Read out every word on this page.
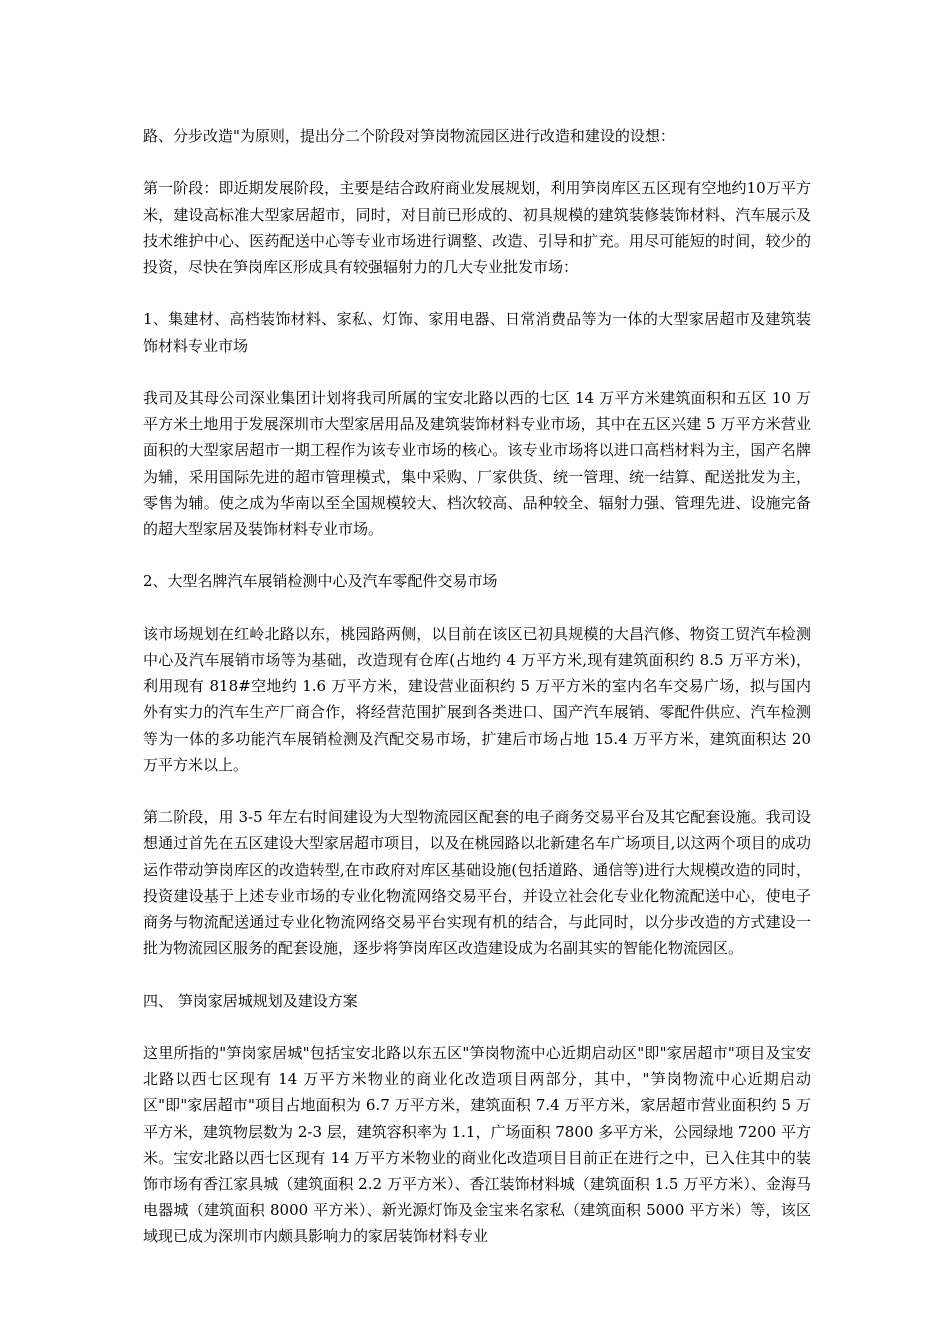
路、分步改造"为原则，提出分二个阶段对笋岗物流园区进行改造和建设的设想：

第一阶段：即近期发展阶段，主要是结合政府商业发展规划，利用笋岗库区五区现有空地约10万平方米，建设高标准大型家居超市，同时，对目前已形成的、初具规模的建筑装修装饰材料、汽车展示及技术维护中心、医药配送中心等专业市场进行调整、改造、引导和扩充。用尽可能短的时间，较少的投资，尽快在笋岗库区形成具有较强辐射力的几大专业批发市场：

1、集建材、高档装饰材料、家私、灯饰、家用电器、日常消费品等为一体的大型家居超市及建筑装饰材料专业市场

我司及其母公司深业集团计划将我司所属的宝安北路以西的七区 14 万平方米建筑面积和五区 10 万平方米土地用于发展深圳市大型家居用品及建筑装饰材料专业市场，其中在五区兴建 5 万平方米营业面积的大型家居超市一期工程作为该专业市场的核心。该专业市场将以进口高档材料为主，国产名牌为辅，采用国际先进的超市管理模式，集中采购、厂家供货、统一管理、统一结算、配送批发为主，零售为辅。使之成为华南以至全国规模较大、档次较高、品种较全、辐射力强、管理先进、设施完备的超大型家居及装饰材料专业市场。

2、大型名牌汽车展销检测中心及汽车零配件交易市场

该市场规划在红岭北路以东，桃园路两侧，以目前在该区已初具规模的大昌汽修、物资工贸汽车检测中心及汽车展销市场等为基础，改造现有仓库(占地约 4 万平方米,现有建筑面积约 8.5 万平方米)，利用现有 818#空地约 1.6 万平方米，建设营业面积约 5 万平方米的室内名车交易广场，拟与国内外有实力的汽车生产厂商合作，将经营范围扩展到各类进口、国产汽车展销、零配件供应、汽车检测等为一体的多功能汽车展销检测及汽配交易市场，扩建后市场占地 15.4 万平方米，建筑面积达 20 万平方米以上。

第二阶段，用 3-5 年左右时间建设为大型物流园区配套的电子商务交易平台及其它配套设施。我司设想通过首先在五区建设大型家居超市项目，以及在桃园路以北新建名车广场项目,以这两个项目的成功运作带动笋岗库区的改造转型,在市政府对库区基础设施(包括道路、通信等)进行大规模改造的同时，投资建设基于上述专业市场的专业化物流网络交易平台，并设立社会化专业化物流配送中心，使电子商务与物流配送通过专业化物流网络交易平台实现有机的结合，与此同时，以分步改造的方式建设一批为物流园区服务的配套设施，逐步将笋岗库区改造建设成为名副其实的智能化物流园区。

四、 笋岗家居城规划及建设方案

这里所指的"笋岗家居城"包括宝安北路以东五区"笋岗物流中心近期启动区"即"家居超市"项目及宝安北路以西七区现有 14 万平方米物业的商业化改造项目两部分，其中，"笋岗物流中心近期启动区"即"家居超市"项目占地面积为 6.7 万平方米，建筑面积 7.4 万平方米，家居超市营业面积约 5 万平方米，建筑物层数为 2-3 层，建筑容积率为 1.1，广场面积 7800 多平方米，公园绿地 7200 平方米。宝安北路以西七区现有 14 万平方米物业的商业化改造项目目前正在进行之中，已入住其中的装饰市场有香江家具城（建筑面积 2.2 万平方米）、香江装饰材料城（建筑面积 1.5 万平方米）、金海马电器城（建筑面积 8000 平方米）、新光源灯饰及金宝来名家私（建筑面积 5000 平方米）等，该区域现已成为深圳市内颇具影响力的家居装饰材料专业
